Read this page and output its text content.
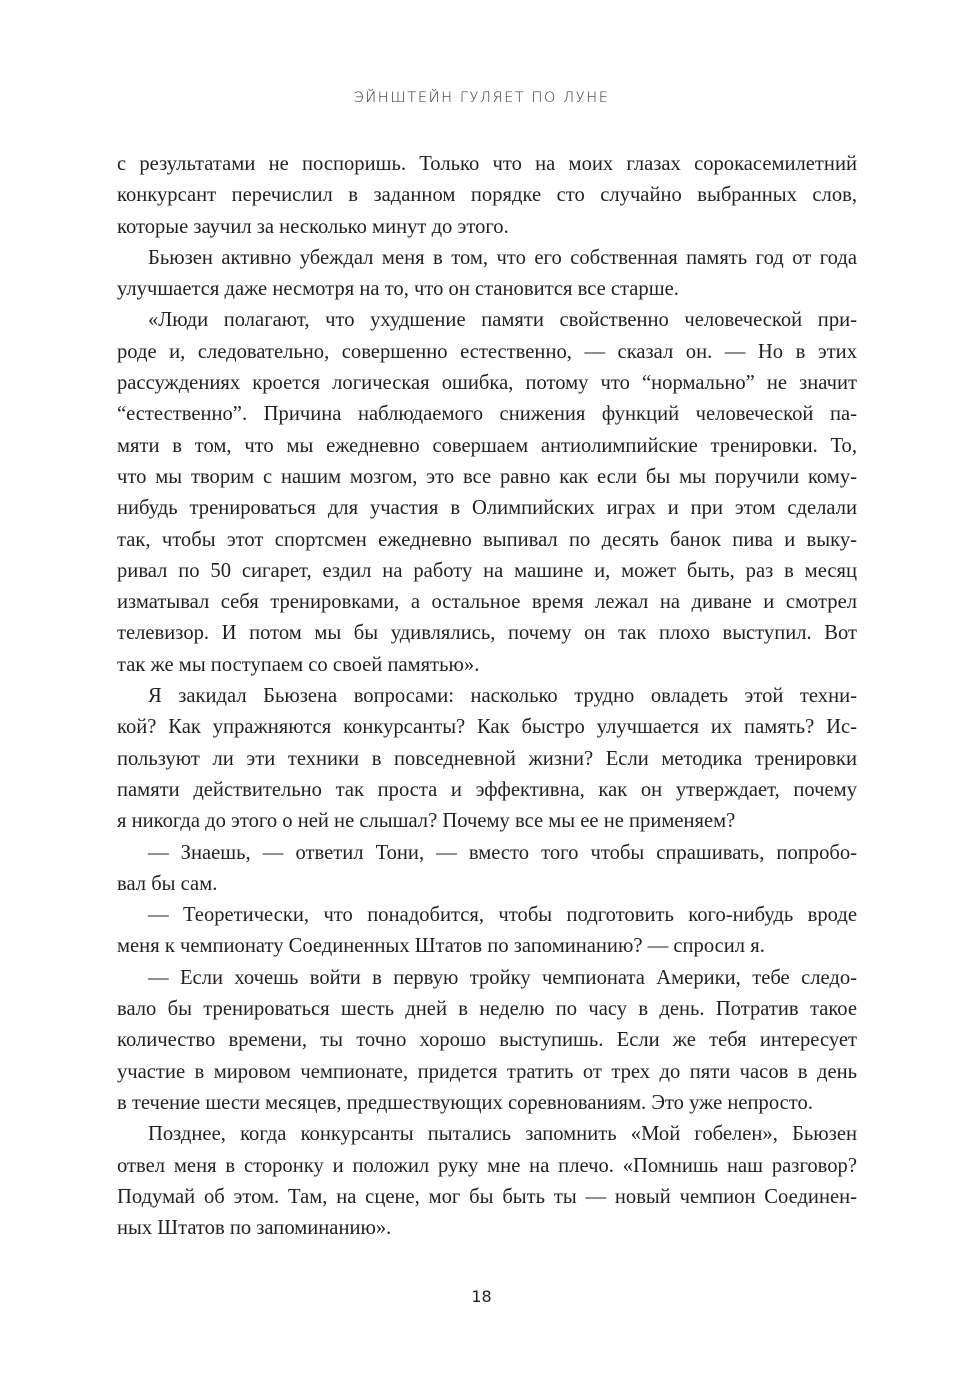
ЭЙНШТЕЙН ГУЛЯЕТ ПО ЛУНЕ
с результатами не поспоришь. Только что на моих глазах сорокасемилетний
конкурсант перечислил в заданном порядке сто случайно выбранных слов,
которые заучил за несколько минут до этого.
Бьюзен активно убеждал меня в том, что его собственная память год от года
улучшается даже несмотря на то, что он становится все старше.
«Люди полагают, что ухудшение памяти свойственно человеческой при-
роде и, следовательно, совершенно естественно, — сказал он. — Но в этих
рассуждениях кроется логическая ошибка, потому что “нормально” не значит
“естественно”. Причина наблюдаемого снижения функций человеческой па-
мяти в том, что мы ежедневно совершаем антиолимпийские тренировки. То,
что мы творим с нашим мозгом, это все равно как если бы мы поручили кому-
нибудь тренироваться для участия в Олимпийских играх и при этом сделали
так, чтобы этот спортсмен ежедневно выпивал по десять банок пива и выку-
ривал по 50 сигарет, ездил на работу на машине и, может быть, раз в месяц
изматывал себя тренировками, а остальное время лежал на диване и смотрел
телевизор. И потом мы бы удивлялись, почему он так плохо выступил. Вот
так же мы поступаем со своей памятью».
Я закидал Бьюзена вопросами: насколько трудно овладеть этой техни-
кой? Как упражняются конкурсанты? Как быстро улучшается их память? Ис-
пользуют ли эти техники в повседневной жизни? Если методика тренировки
памяти действительно так проста и эффективна, как он утверждает, почему
я никогда до этого о ней не слышал? Почему все мы ее не применяем?
— Знаешь, — ответил Тони, — вместо того чтобы спрашивать, попробо-
вал бы сам.
— Теоретически, что понадобится, чтобы подготовить кого-нибудь вроде
меня к чемпионату Соединенных Штатов по запоминанию? — спросил я.
— Если хочешь войти в первую тройку чемпионата Америки, тебе следо-
вало бы тренироваться шесть дней в неделю по часу в день. Потратив такое
количество времени, ты точно хорошо выступишь. Если же тебя интересует
участие в мировом чемпионате, придется тратить от трех до пяти часов в день
в течение шести месяцев, предшествующих соревнованиям. Это уже непросто.
Позднее, когда конкурсанты пытались запомнить «Мой гобелен», Бьюзен
отвел меня в сторонку и положил руку мне на плечо. «Помнишь наш разговор?
Подумай об этом. Там, на сцене, мог бы быть ты — новый чемпион Соединен-
ных Штатов по запоминанию».
18
